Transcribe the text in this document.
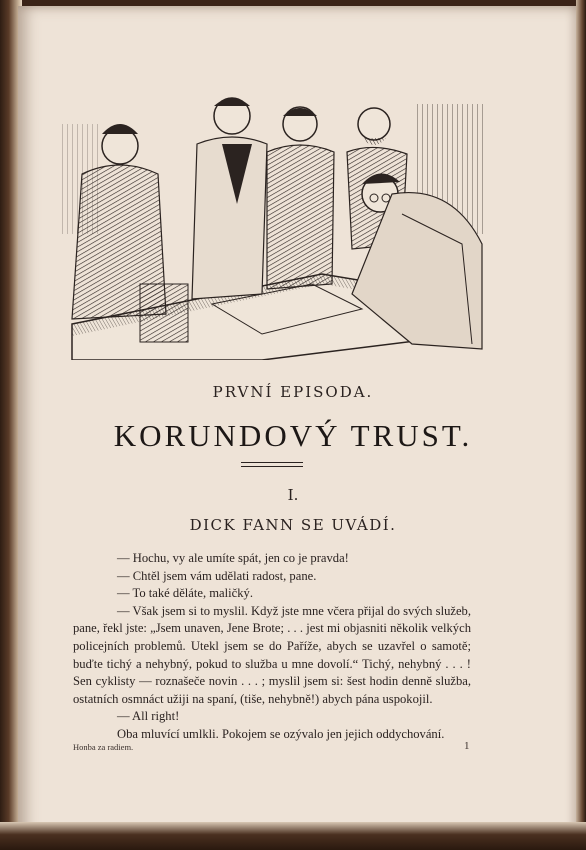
PRVNÍ EPISODA.
KORUNDOVÝ TRUST.
I.
DICK FANN SE UVÁDÍ.

— Hochu, vy ale umíte spát, jen co je pravda!

— Chtěl jsem vám udělati radost, pane.

— To také děláte, maličký.

— Však jsem si to myslil. Když jste mne včera přijal do svých služeb, pane, řekl jste: „Jsem unaven, Jene Brote; . . . jest mi objasniti několik velkých policejních problemů. Utekl jsem se do Paříže, abych se uzavřel o samotě; buďte tichý a nehybný, pokud to služba u mne dovolí.“ Tichý, nehybný . . . ! Sen cyklisty — roznašeče novin . . . ; myslil jsem si: šest hodin denně služba, ostatních osmnáct užiji na spaní, (tiše, nehybně!) abych pána uspokojil.

— All right!

Oba mluvící umlkli. Pokojem se ozývalo jen jejich oddychování.

Honba za radiem.	1
